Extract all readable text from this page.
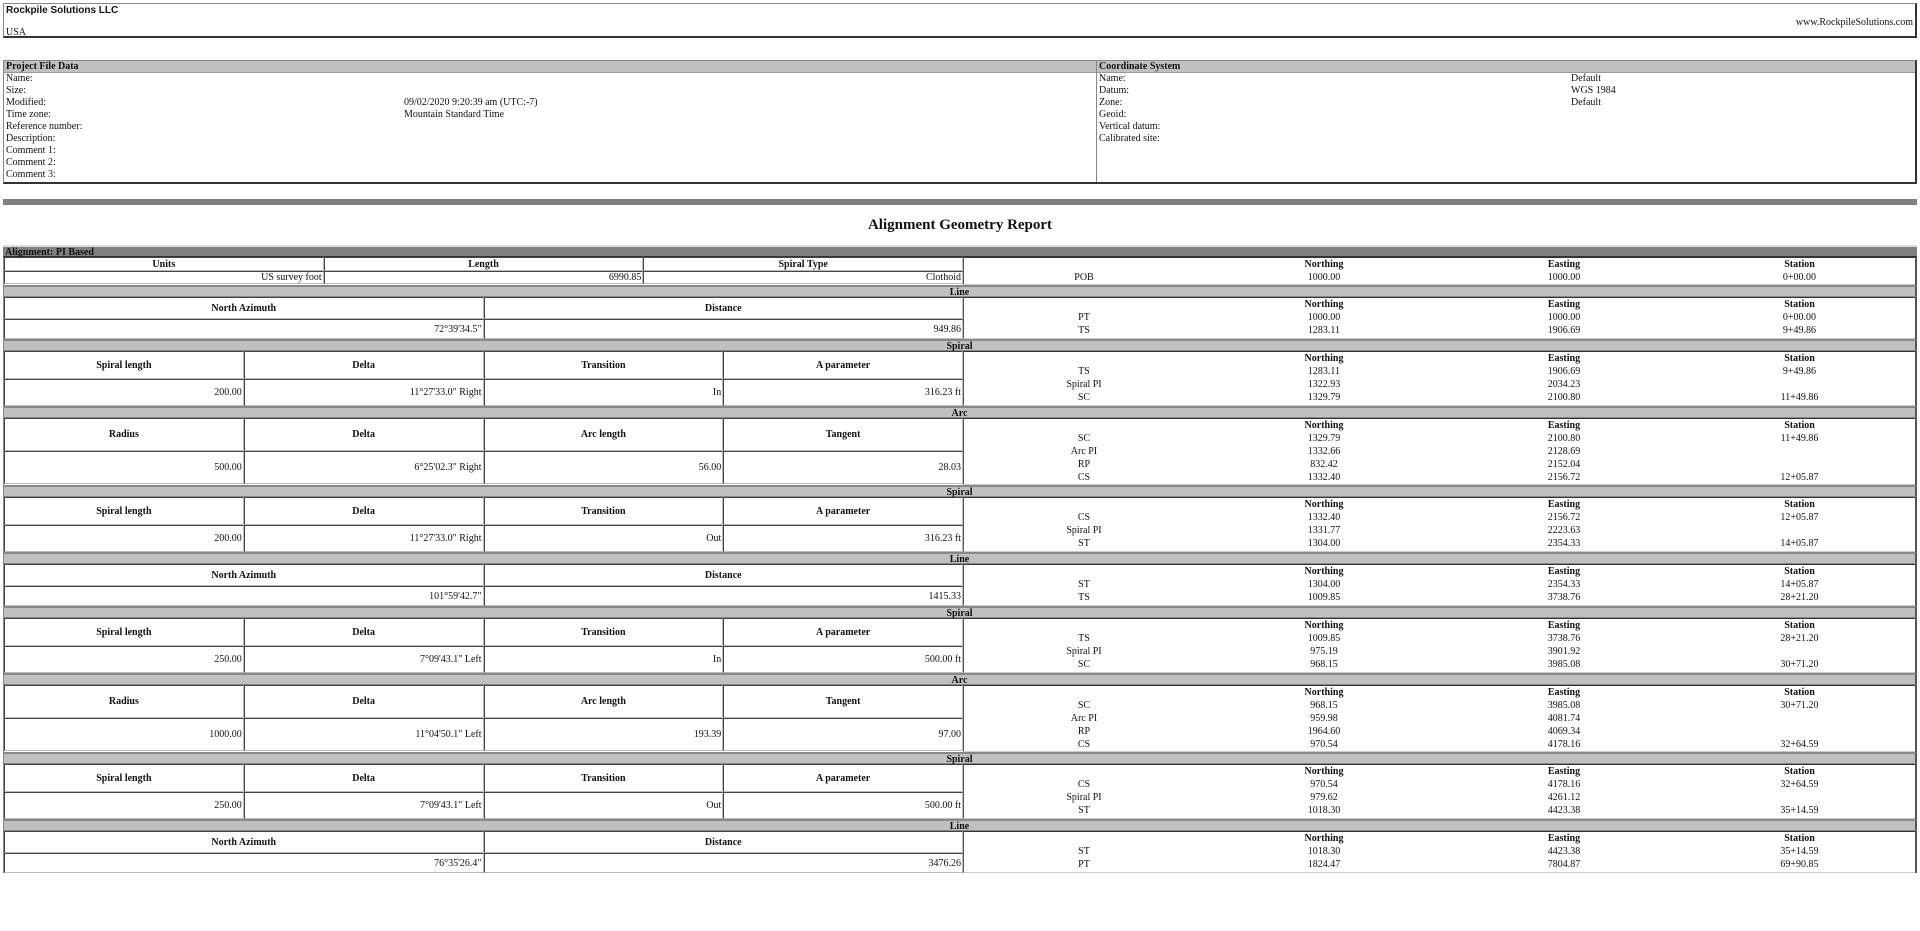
Rockpile Solutions LLC
USA
www.RockpileSolutions.com
Project File Data
Name:
Size:
Modified:	09/02/2020 9:20:39 am (UTC:-7)
Time zone:	Mountain Standard Time
Reference number:
Description:
Comment 1:
Comment 2:
Comment 3:
Coordinate System
Name:	Default
Datum:	WGS 1984
Zone:	Default
Geoid:
Vertical datum:
Calibrated site:
Alignment Geometry Report
Alignment: PI Based
Units	Length	Spiral Type
US survey foot	6990.85	Clothoid
	Northing	Easting	Station
POB	1000.00	1000.00	0+00.00
Line
North Azimuth	Distance
72°39'34.5"	949.86
	Northing	Easting	Station
PT	1000.00	1000.00	0+00.00
TS	1283.11	1906.69	9+49.86
Spiral
Spiral length	Delta	Transition	A parameter
200.00	11°27'33.0" Right	In	316.23 ft
	Northing	Easting	Station
TS	1283.11	1906.69	9+49.86
Spiral PI	1322.93	2034.23	
SC	1329.79	2100.80	11+49.86
Arc
Radius	Delta	Arc length	Tangent
500.00	6°25'02.3" Right	56.00	28.03
	Northing	Easting	Station
SC	1329.79	2100.80	11+49.86
Arc PI	1332.66	2128.69	
RP	832.42	2152.04	
CS	1332.40	2156.72	12+05.87
Spiral
Spiral length	Delta	Transition	A parameter
200.00	11°27'33.0" Right	Out	316.23 ft
	Northing	Easting	Station
CS	1332.40	2156.72	12+05.87
Spiral PI	1331.77	2223.63	
ST	1304.00	2354.33	14+05.87
Line
North Azimuth	Distance
101°59'42.7"	1415.33
	Northing	Easting	Station
ST	1304.00	2354.33	14+05.87
TS	1009.85	3738.76	28+21.20
Spiral
Spiral length	Delta	Transition	A parameter
250.00	7°09'43.1" Left	In	500.00 ft
	Northing	Easting	Station
TS	1009.85	3738.76	28+21.20
Spiral PI	975.19	3901.92	
SC	968.15	3985.08	30+71.20
Arc
Radius	Delta	Arc length	Tangent
1000.00	11°04'50.1" Left	193.39	97.00
	Northing	Easting	Station
SC	968.15	3985.08	30+71.20
Arc PI	959.98	4081.74	
RP	1964.60	4069.34	
CS	970.54	4178.16	32+64.59
Spiral
Spiral length	Delta	Transition	A parameter
250.00	7°09'43.1" Left	Out	500.00 ft
	Northing	Easting	Station
CS	970.54	4178.16	32+64.59
Spiral PI	979.62	4261.12	
ST	1018.30	4423.38	35+14.59
Line
North Azimuth	Distance
76°35'26.4"	3476.26
	Northing	Easting	Station
ST	1018.30	4423.38	35+14.59
PT	1824.47	7804.87	69+90.85
